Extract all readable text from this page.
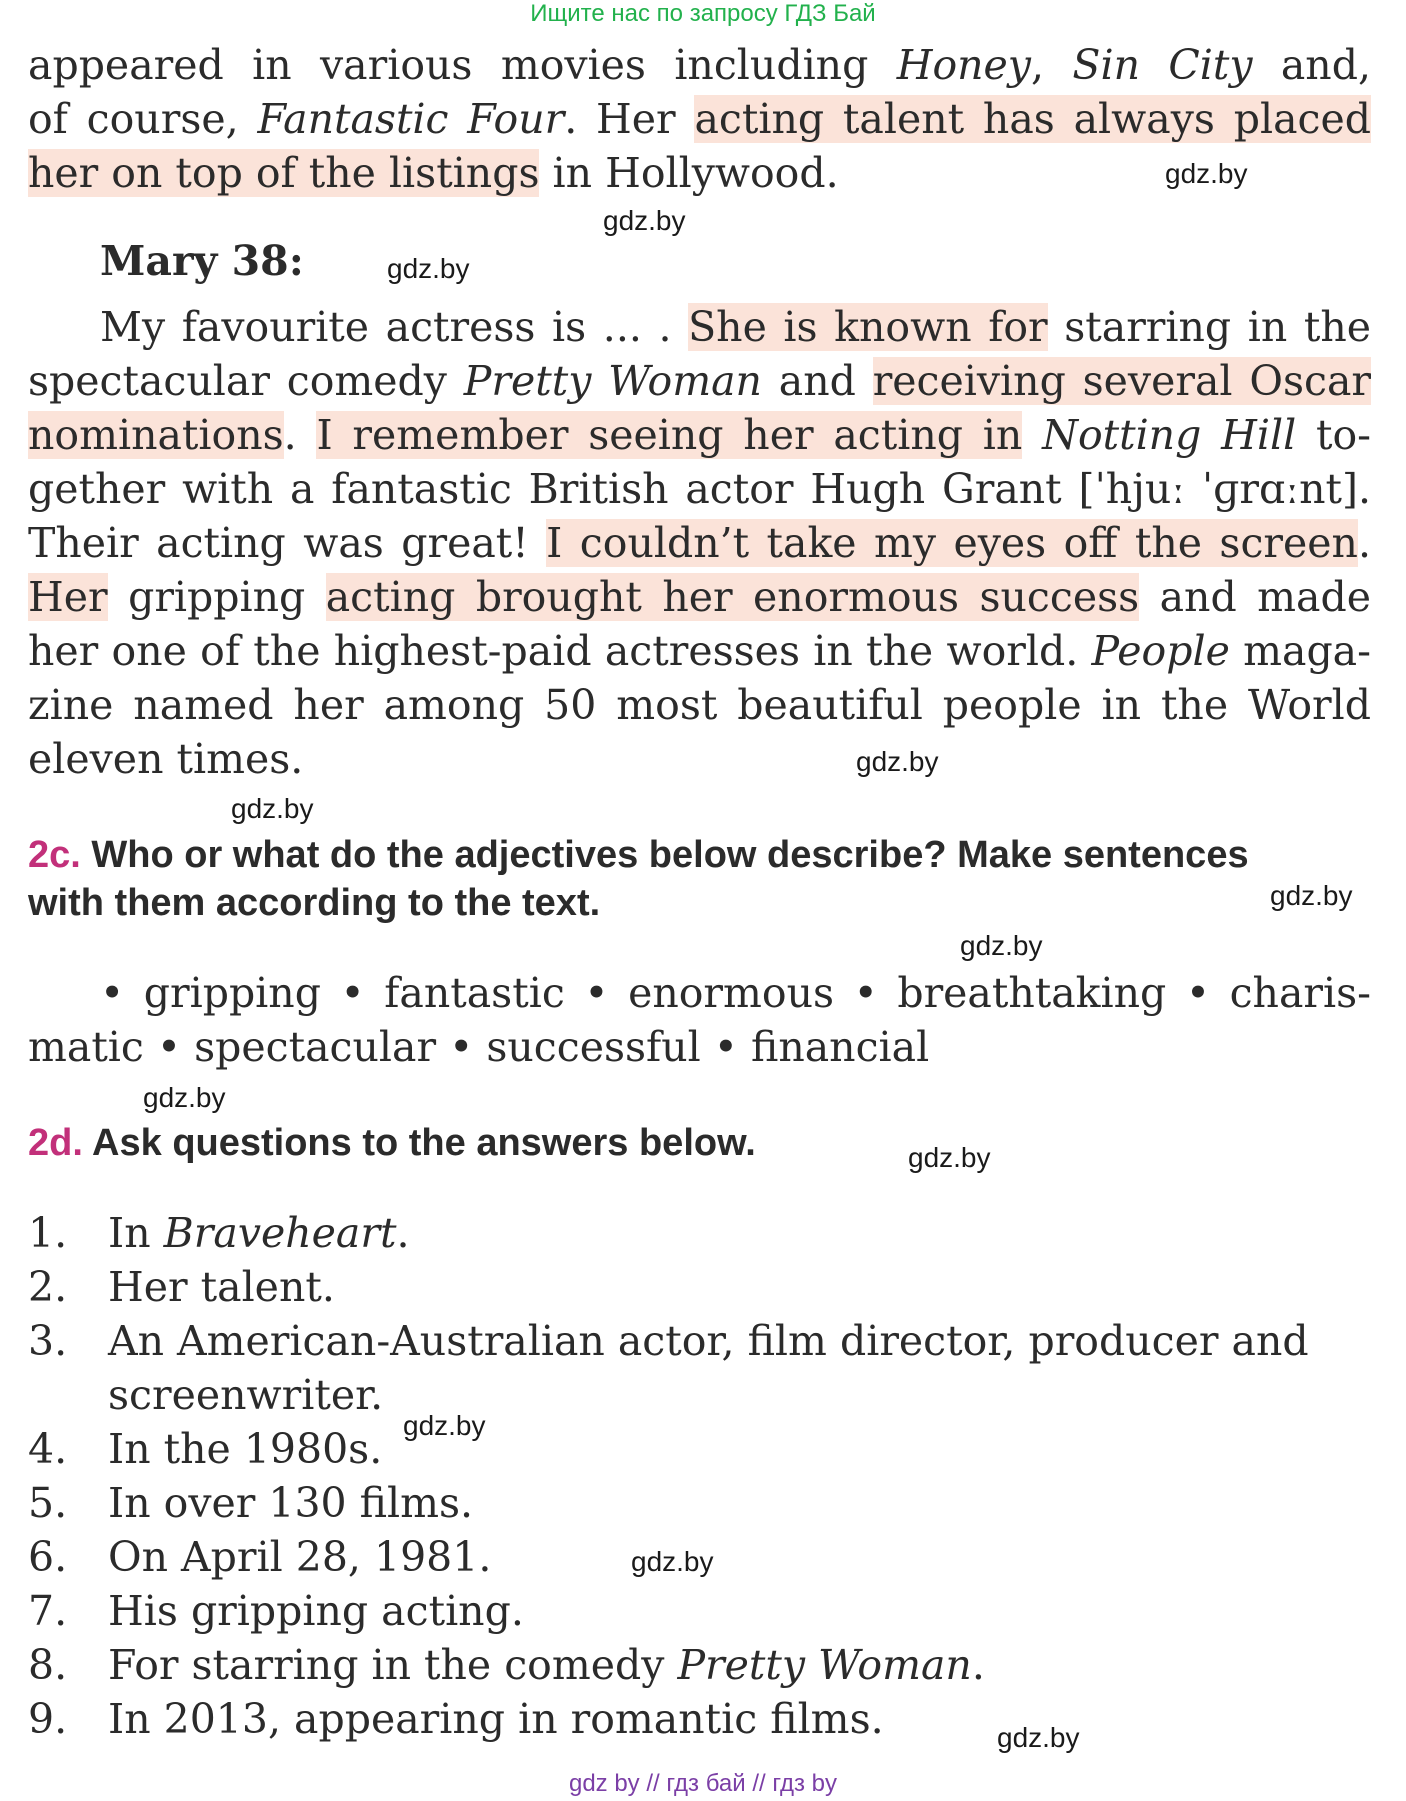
Ищите нас по запросу ГДЗ Бай
appeared in various movies including Honey, Sin City and,
of course, Fantastic Four. Her acting talent has always placed
her on top of the listings in Hollywood.
Mary 38:
My favourite actress is ... . She is known for starring in the
spectacular comedy Pretty Woman and receiving several Oscar
nominations. I remember seeing her acting in Notting Hill to-
gether with a fantastic British actor Hugh Grant [ˈhjuː ˈɡrɑːnt].
Their acting was great! I couldn’t take my eyes off the screen.
Her gripping acting brought her enormous success and made
her one of the highest-paid actresses in the world. People maga-
zine named her among 50 most beautiful people in the World
eleven times.
2c. Who or what do the adjectives below describe? Make sentences
with them according to the text.
• gripping • fantastic • enormous • breathtaking • charis-
matic • spectacular • successful • financial
2d. Ask questions to the answers below.
1. In Braveheart.
2. Her talent.
3. An American-Australian actor, film director, producer and
screenwriter.
4. In the 1980s.
5. In over 130 films.
6. On April 28, 1981.
7. His gripping acting.
8. For starring in the comedy Pretty Woman.
9. In 2013, appearing in romantic films.
gdz.by
gdz.by
gdz.by
gdz.by
gdz.by
gdz.by
gdz.by
gdz.by
gdz.by
gdz.by
gdz.by
gdz.by
gdz by // гдз бай // гдз by
